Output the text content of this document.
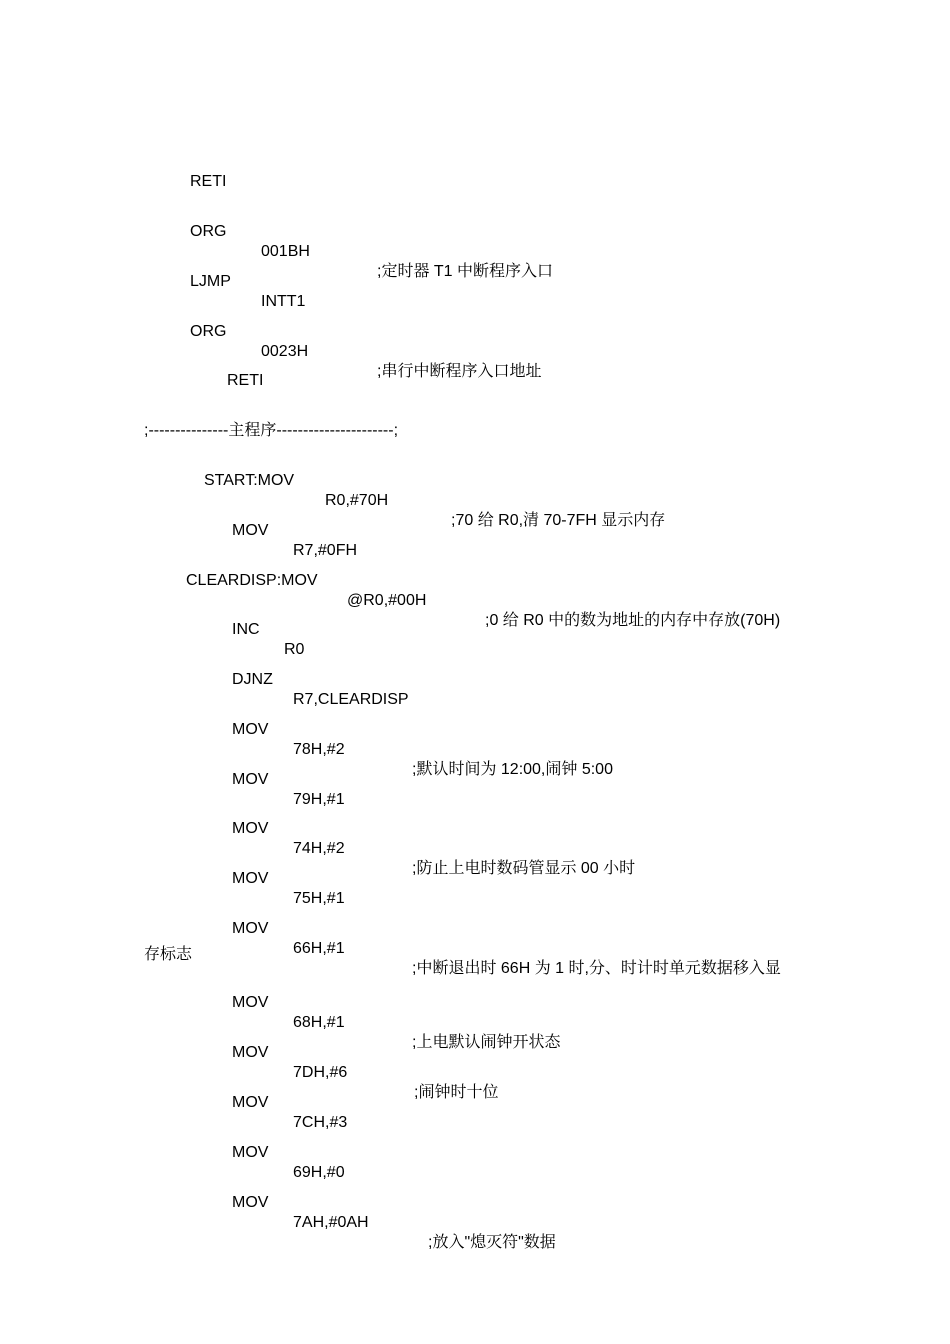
RETI

ORG

001BH

;定时器 T1 中断程序入口

LJMP

INTT1

ORG

0023H

;串行中断程序入口地址

RETI

;---------------主程序----------------------;

START:MOV

R0,#70H

;70 给 R0,清 70-7FH 显示内存

MOV

R7,#0FH

CLEARDISP:MOV

@R0,#00H

;0 给 R0 中的数为地址的内存中存放(70H)

INC

R0

DJNZ

R7,CLEARDISP

MOV

78H,#2

;默认时间为 12:00,闹钟 5:00

MOV

79H,#1

MOV

74H,#2

;防止上电时数码管显示 00 小时

MOV

75H,#1

MOV

66H,#1

;中断退出时 66H 为 1 时,分、时计时单元数据移入显

存标志

MOV

68H,#1

;上电默认闹钟开状态

MOV

7DH,#6

;闹钟时十位

MOV

7CH,#3

MOV

69H,#0

MOV

7AH,#0AH

;放入"熄灭符"数据
